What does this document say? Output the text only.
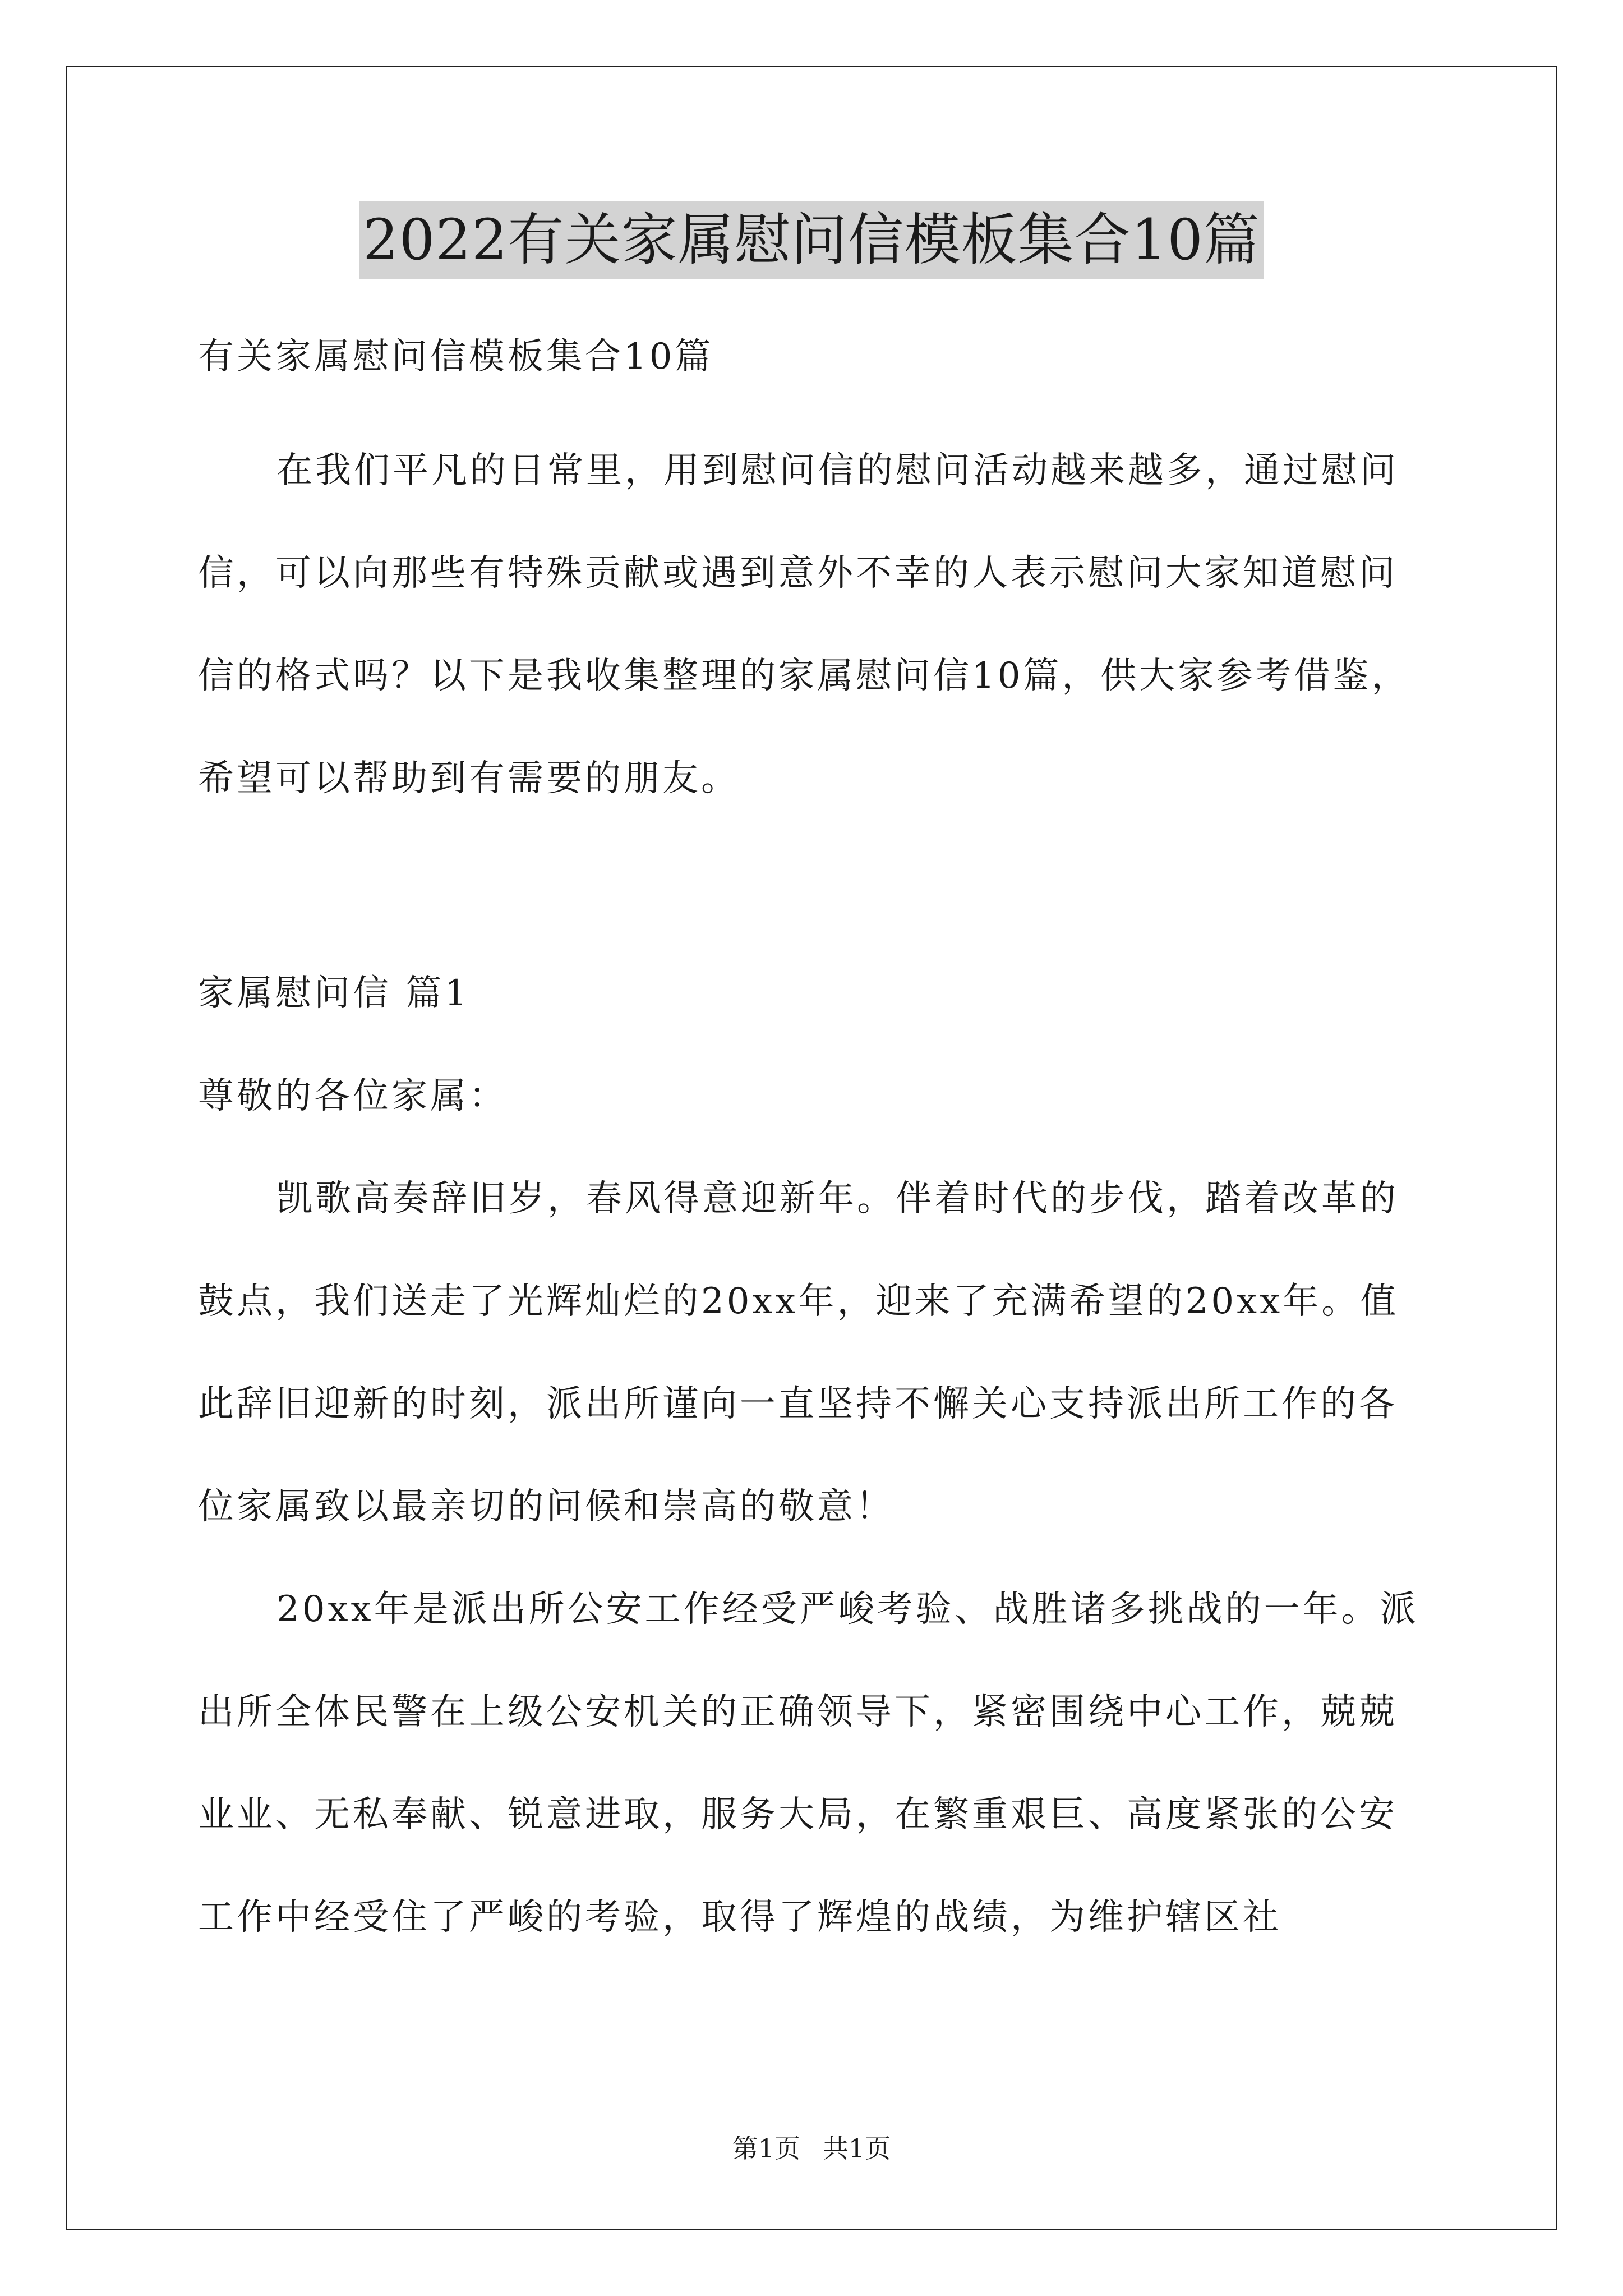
2022有关家属慰问信模板集合10篇

有关家属慰问信模板集合10篇

在我们平凡的日常里，用到慰问信的慰问活动越来越多，通过慰问信，可以向那些有特殊贡献或遇到意外不幸的人表示慰问大家知道慰问信的格式吗？以下是我收集整理的家属慰问信10篇，供大家参考借鉴，希望可以帮助到有需要的朋友。

家属慰问信 篇1

尊敬的各位家属：

凯歌高奏辞旧岁，春风得意迎新年。伴着时代的步伐，踏着改革的鼓点，我们送走了光辉灿烂的20xx年，迎来了充满希望的20xx年。值此辞旧迎新的时刻，派出所谨向一直坚持不懈关心支持派出所工作的各位家属致以最亲切的问候和崇高的敬意！

20xx年是派出所公安工作经受严峻考验、战胜诸多挑战的一年。派出所全体民警在上级公安机关的正确领导下，紧密围绕中心工作，兢兢业业、无私奉献、锐意进取，服务大局，在繁重艰巨、高度紧张的公安工作中经受住了严峻的考验，取得了辉煌的战绩，为维护辖区社

第1页 共1页
